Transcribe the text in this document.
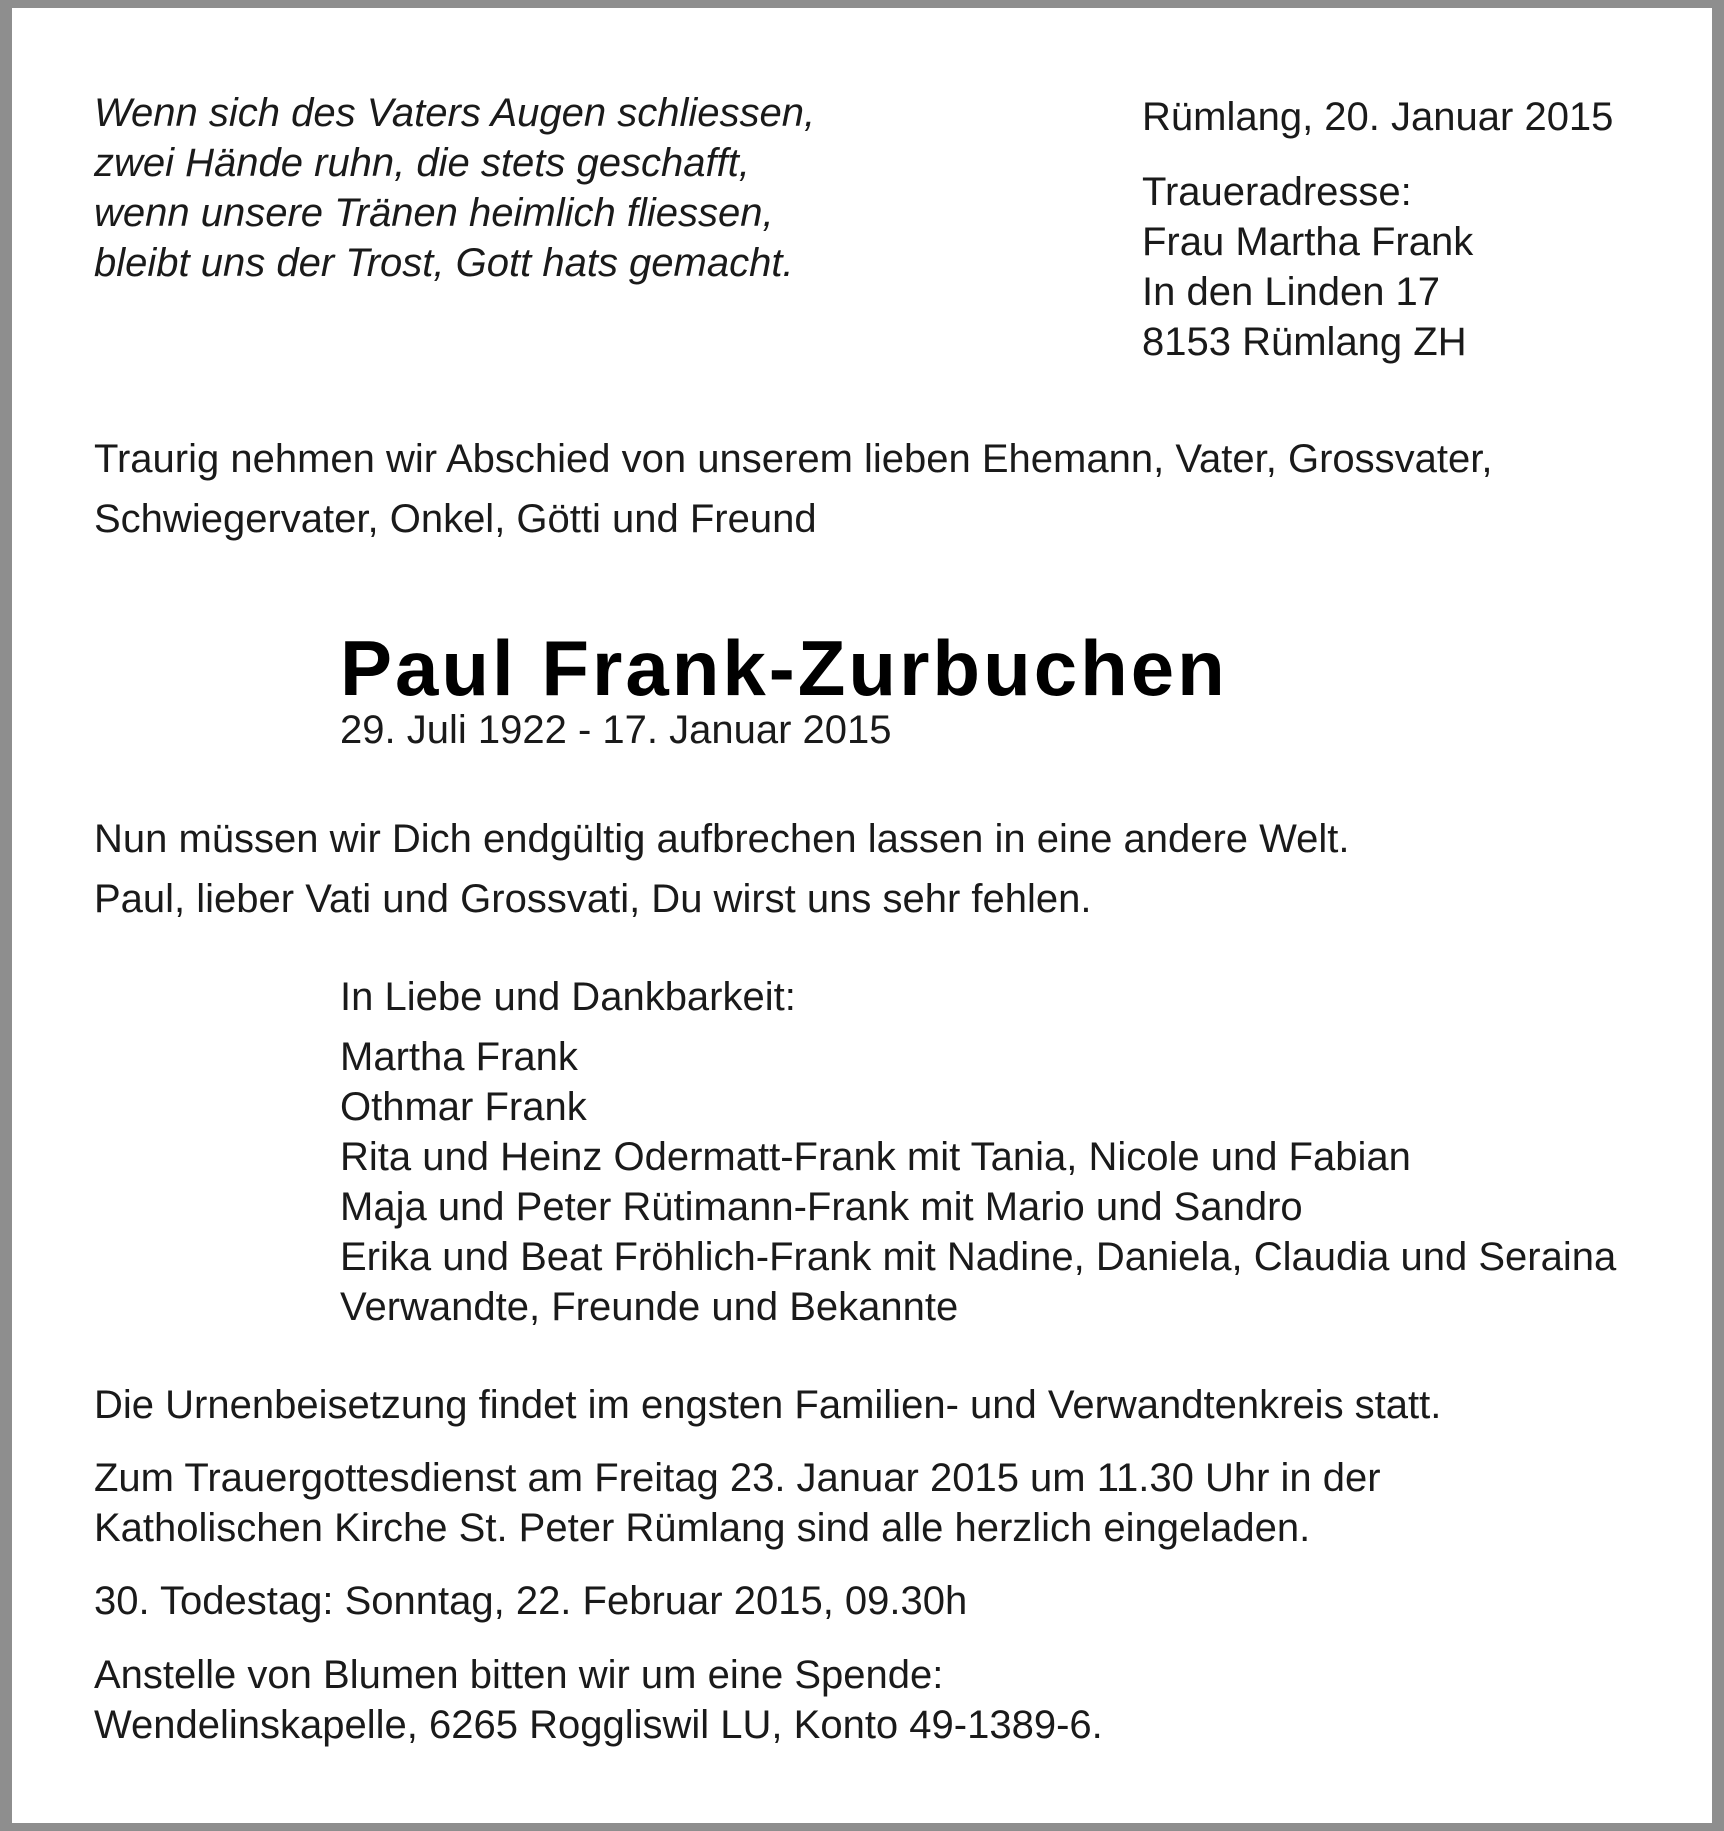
Wenn sich des Vaters Augen schliessen,
zwei Hände ruhn, die stets geschafft,
wenn unsere Tränen heimlich fliessen,
bleibt uns der Trost, Gott hats gemacht.
Rümlang, 20. Januar 2015
Traueradresse:
Frau Martha Frank
In den Linden 17
8153 Rümlang ZH
Traurig nehmen wir Abschied von unserem lieben Ehemann, Vater, Grossvater,
Schwiegervater, Onkel, Götti und Freund
Paul Frank-Zurbuchen
29. Juli 1922 - 17. Januar 2015
Nun müssen wir Dich endgültig aufbrechen lassen in eine andere Welt.
Paul, lieber Vati und Grossvati, Du wirst uns sehr fehlen.
In Liebe und Dankbarkeit:
Martha Frank
Othmar Frank
Rita und Heinz Odermatt-Frank mit Tania, Nicole und Fabian
Maja und Peter Rütimann-Frank mit Mario und Sandro
Erika und Beat Fröhlich-Frank mit Nadine, Daniela, Claudia und Seraina
Verwandte, Freunde und Bekannte
Die Urnenbeisetzung findet im engsten Familien- und Verwandtenkreis statt.
Zum Trauergottesdienst am Freitag 23. Januar 2015 um 11.30 Uhr in der
Katholischen Kirche St. Peter Rümlang sind alle herzlich eingeladen.
30. Todestag: Sonntag, 22. Februar 2015, 09.30h
Anstelle von Blumen bitten wir um eine Spende:
Wendelinskapelle, 6265 Roggliswil LU, Konto 49-1389-6.
